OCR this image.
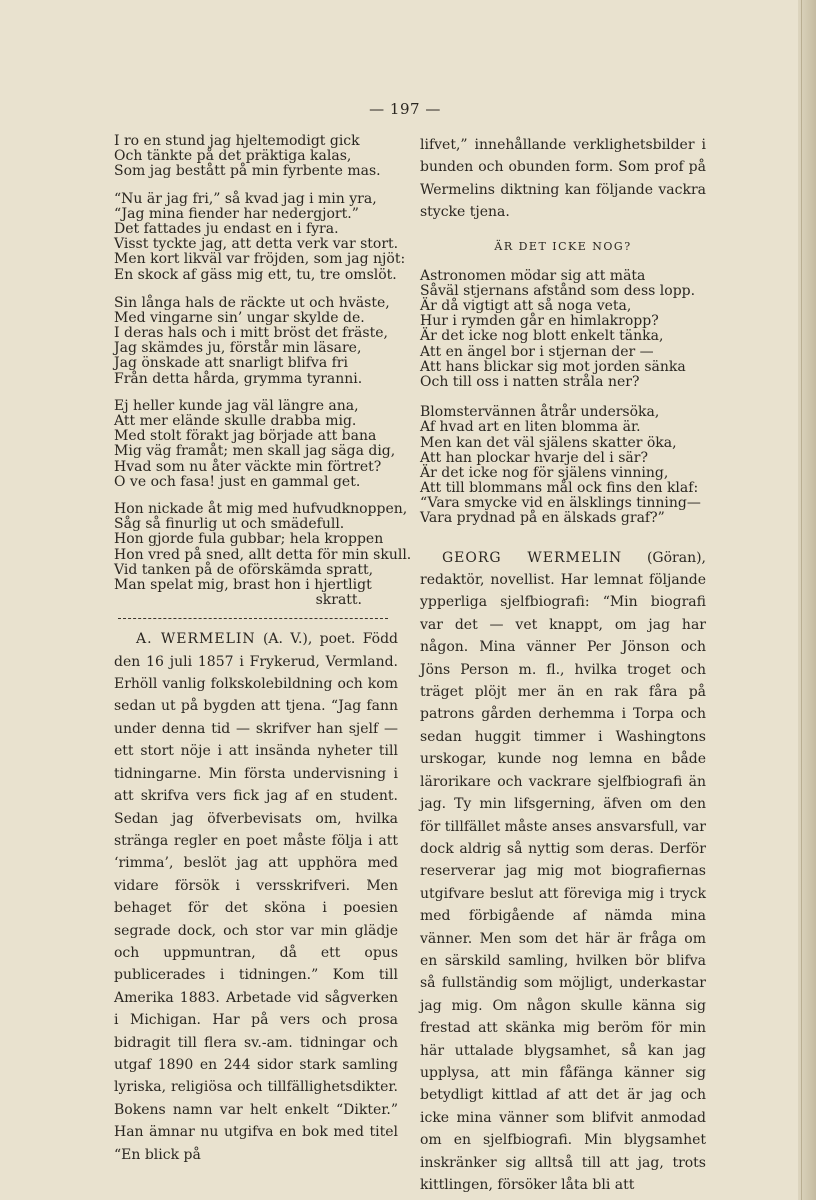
— 197 —
I ro en stund jag hjeltemodigt gick
Och tänkte på det präktiga kalas,
Som jag bestått på min fyrbente mas.
“Nu är jag fri,” så kvad jag i min yra,
“Jag mina fiender har nedergjort.”
Det fattades ju endast en i fyra.
Visst tyckte jag, att detta verk var stort.
Men kort likväl var fröjden, som jag njöt:
En skock af gäss mig ett, tu, tre omslöt.
Sin långa hals de räckte ut och hväste,
Med vingarne sin’ ungar skylde de.
I deras hals och i mitt bröst det fräste,
Jag skämdes ju, förstår min läsare,
Jag önskade att snarligt blifva fri
Från detta hårda, grymma tyranni.
Ej heller kunde jag väl längre ana,
Att mer elände skulle drabba mig.
Med stolt förakt jag började att bana
Mig väg framåt; men skall jag säga dig,
Hvad som nu åter väckte min förtret?
O ve och fasa! just en gammal get.
Hon nickade åt mig med hufvudknoppen,
Såg så finurlig ut och smädefull.
Hon gjorde fula gubbar; hela kroppen
Hon vred på sned, allt detta för min skull.
Vid tanken på de oförskämda spratt,
Man spelat mig, brast hon i hjertligt
skratt.

A. WERMELIN (A. V.), poet. Född den 16 juli 1857 i Frykerud, Vermland. Erhöll vanlig folkskolebildning och kom sedan ut på bygden att tjena. “Jag fann under denna tid — skrifver han sjelf — ett stort nöje i att insända nyheter till tidningarne. Min första undervisning i att skrifva vers fick jag af en student. Sedan jag öfverbevisats om, hvilka stränga regler en poet måste följa i att ‘rimma’, beslöt jag att upphöra med vidare försök i versskrifveri. Men behaget för det sköna i poesien segrade dock, och stor var min glädje och uppmuntran, då ett opus publicerades i tidningen.” Kom till Amerika 1883. Arbetade vid sågverken i Michigan. Har på vers och prosa bidragit till flera sv.-am. tidningar och utgaf 1890 en 244 sidor stark samling lyriska, religiösa och tillfällighetsdikter. Bokens namn var helt enkelt “Dikter.” Han ämnar nu utgifva en bok med titel “En blick på

lifvet,” innehållande verklighetsbilder i bunden och obunden form. Som prof på Wermelins diktning kan följande vackra stycke tjena.

ÄR DET ICKE NOG?
Astronomen mödar sig att mäta
Såväl stjernans afstånd som dess lopp.
Är då vigtigt att så noga veta,
Hur i rymden går en himlakropp?
Är det icke nog blott enkelt tänka,
Att en ängel bor i stjernan der —
Att hans blickar sig mot jorden sänka
Och till oss i natten stråla ner?
Blomstervännen åtrår undersöka,
Af hvad art en liten blomma är.
Men kan det väl själens skatter öka,
Att han plockar hvarje del i sär?
Är det icke nog för själens vinning,
Att till blommans mål ock fins den klaf:
“Vara smycke vid en älsklings tinning—
Vara prydnad på en älskads graf?”

GEORG WERMELIN (Göran), redaktör, novellist. Har lemnat följande ypperliga sjelfbiografi: “Min biografi var det — vet knappt, om jag har någon. Mina vänner Per Jönson och Jöns Person m. fl., hvilka troget och träget plöjt mer än en rak fåra på patrons gården derhemma i Torpa och sedan huggit timmer i Washingtons urskogar, kunde nog lemna en både lärorikare och vackrare sjelfbiografi än jag. Ty min lifsgerning, äfven om den för tillfället måste anses ansvarsfull, var dock aldrig så nyttig som deras. Derför reserverar jag mig mot biografiernas utgifvare beslut att föreviga mig i tryck med förbigående af nämda mina vänner. Men som det här är fråga om en särskild samling, hvilken bör blifva så fullständig som möjligt, underkastar jag mig. Om någon skulle känna sig frestad att skänka mig beröm för min här uttalade blygsamhet, så kan jag upplysa, att min fåfänga känner sig betydligt kittlad af att det är jag och icke mina vänner som blifvit anmodad om en sjelfbiografi. Min blygsamhet inskränker sig alltså till att jag, trots kittlingen, försöker låta bli att
